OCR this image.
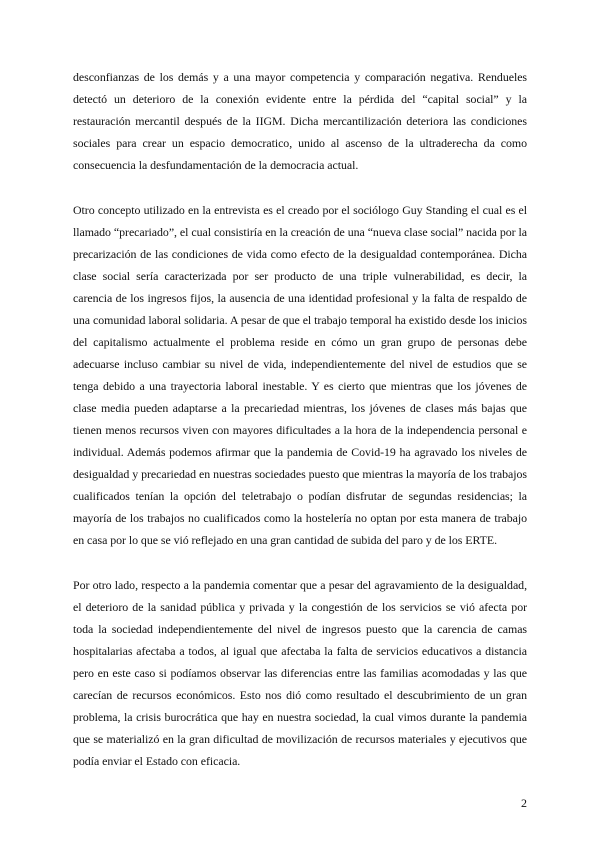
desconfianzas de los demás y a una mayor competencia y comparación negativa. Rendueles detectó un deterioro de la conexión evidente entre la pérdida del “capital social” y la restauración mercantil después de la IIGM. Dicha mercantilización deteriora las condiciones sociales para crear un espacio democratico, unido al ascenso de la ultraderecha da como consecuencia la desfundamentación de la democracia actual.

Otro concepto utilizado en la entrevista es el creado por el sociólogo Guy Standing el cual es el llamado “precariado”, el cual consistiría en la creación de una “nueva clase social” nacida por la precarización de las condiciones de vida como efecto de la desigualdad contemporánea. Dicha clase social sería caracterizada por ser producto de una triple vulnerabilidad, es decir, la carencia de los ingresos fijos, la ausencia de una identidad profesional y la falta de respaldo de una comunidad laboral solidaria. A pesar de que el trabajo temporal ha existido desde los inicios del capitalismo actualmente el problema reside en cómo un gran grupo de personas debe adecuarse incluso cambiar su nivel de vida, independientemente del nivel de estudios que se tenga debido a una trayectoria laboral inestable. Y es cierto que mientras que los jóvenes de clase media pueden adaptarse a la precariedad mientras, los jóvenes de clases más bajas que tienen menos recursos viven con mayores dificultades a la hora de la independencia personal e individual. Además podemos afirmar que la pandemia de Covid-19 ha agravado los niveles de desigualdad y precariedad en nuestras sociedades puesto que mientras la mayoría de los trabajos cualificados tenían la opción del teletrabajo o podían disfrutar de segundas residencias; la mayoría de los trabajos no cualificados como la hostelería no optan por esta manera de trabajo en casa por lo que se vió reflejado en una gran cantidad de subida del paro y de los ERTE.

Por otro lado, respecto a la pandemia comentar que a pesar del agravamiento de la desigualdad, el deterioro de la sanidad pública y privada y la congestión de los servicios se vió afecta por toda la sociedad independientemente del nivel de ingresos puesto que la carencia de camas hospitalarias afectaba a todos, al igual que afectaba la falta de servicios educativos a distancia pero en este caso si podíamos observar las diferencias entre las familias acomodadas y las que carecían de recursos económicos. Esto nos dió como resultado el descubrimiento de un gran problema, la crisis burocrática que hay en nuestra sociedad, la cual vimos durante la pandemia que se materializó en la gran dificultad de movilización de recursos materiales y ejecutivos que podía enviar el Estado con eficacia.

2
